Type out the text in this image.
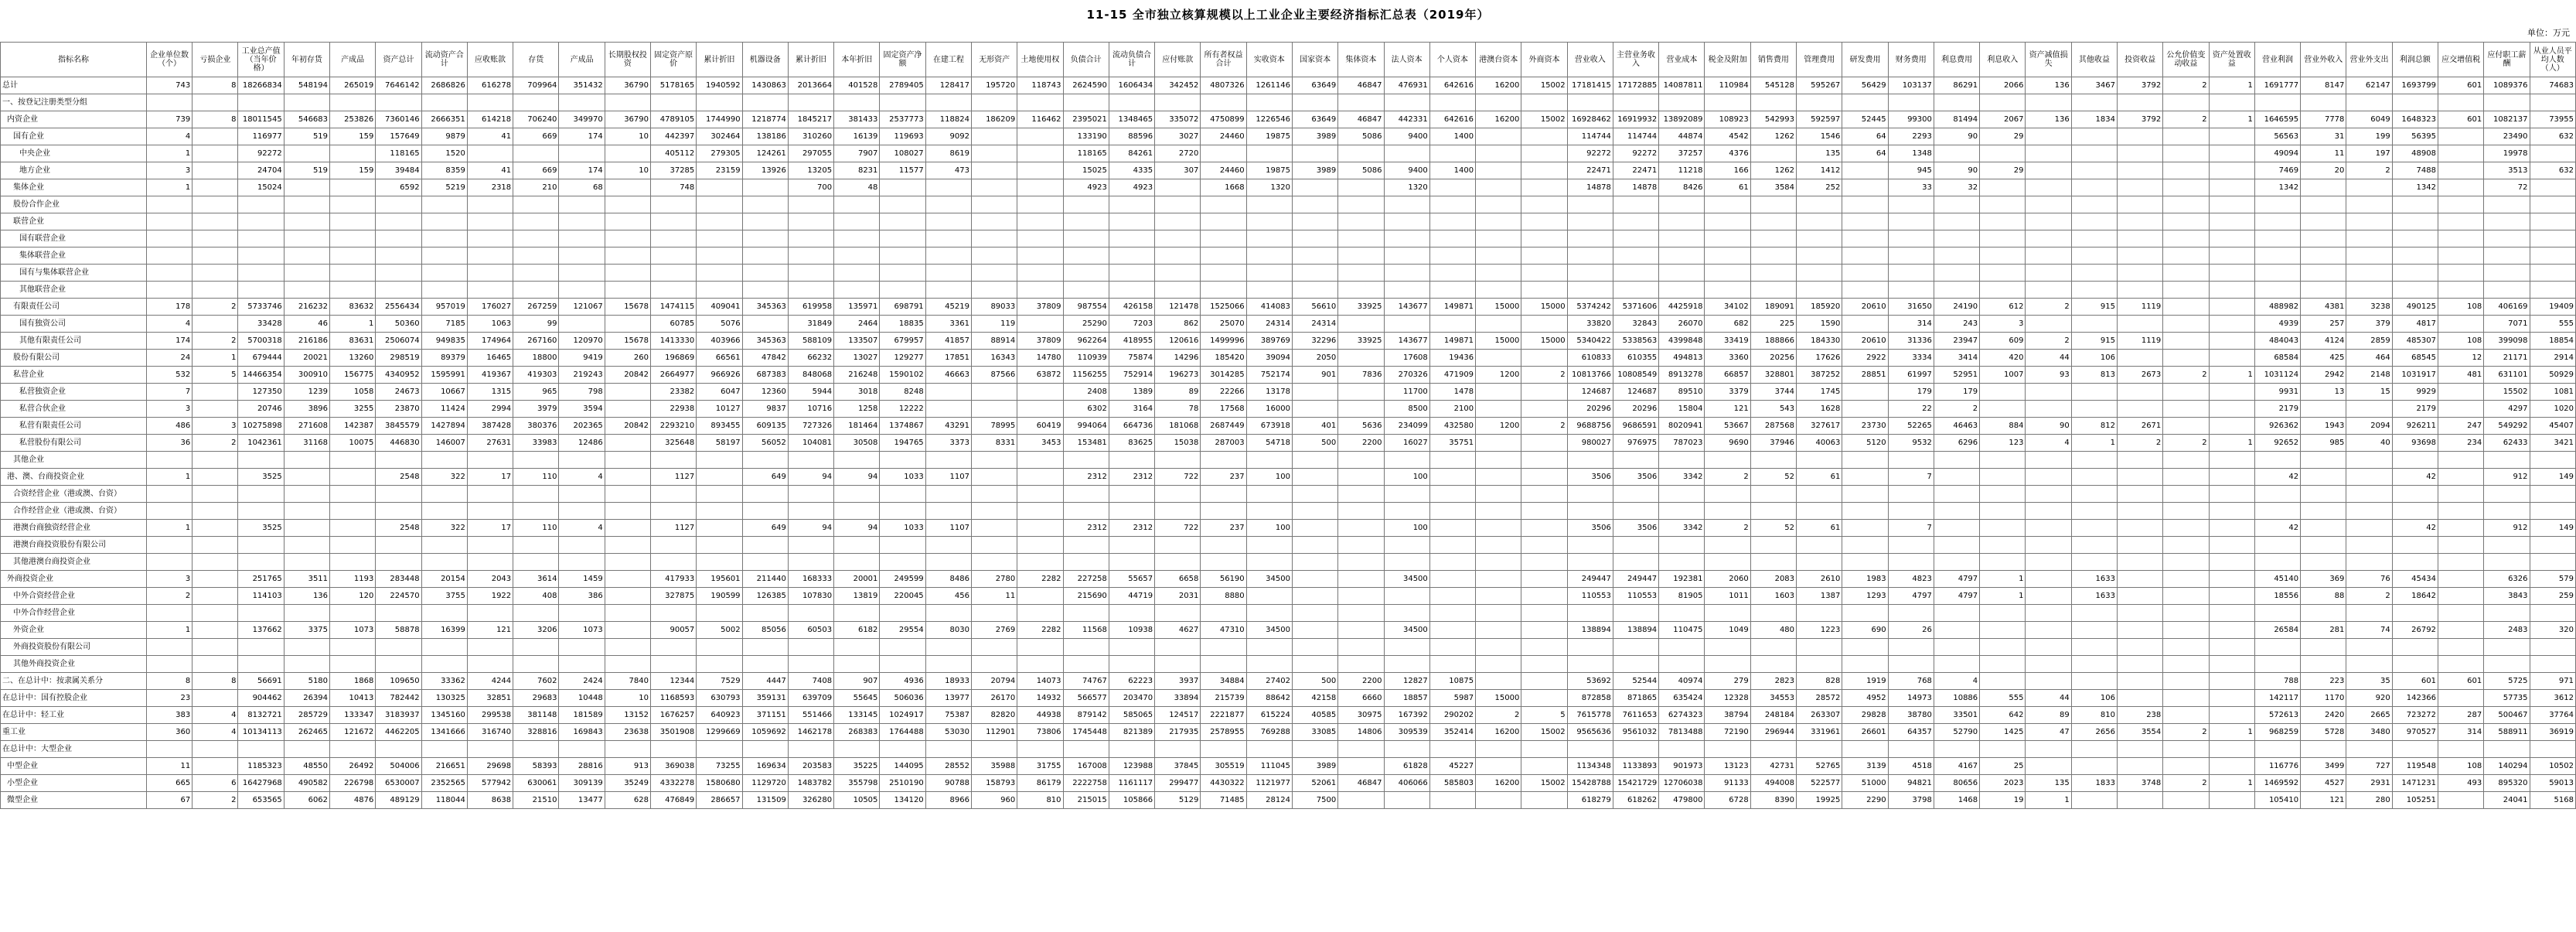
11-15 全市独立核算规模以上工业企业主要经济指标汇总表（2019年）
单位：万元
指标名称	企业单位数（个）	亏损企业	工业总产值（当年价格）	年初存货	产成品	资产总计	流动资产合计	应收账款	存货	产成品	长期股权投资	固定资产原价	累计折旧	机器设备	累计折旧	本年折旧	固定资产净额	在建工程	无形资产	土地使用权	负债合计	流动负债合计	应付账款	所有者权益合计	实收资本	国家资本	集体资本	法人资本	个人资本	港澳台资本	外商资本	营业收入	主营业务收入	营业成本	税金及附加	销售费用	管理费用	研发费用	财务费用	利息费用	利息收入	资产减值损失	其他收益	投资收益	公允价值变动收益	资产处置收益	营业利润	营业外收入	营业外支出	利润总额	应交增值税	应付职工薪酬	从业人员平均人数（人）
总计	743	8	18266834	548194	265019	7646142	2686826	616278	709964	351432	36790	5178165	1940592	1430863	2013664	401528	2789405	128417	195720	118743	2624590	1606434	342452	4807326	1261146	63649	46847	476931	642616	16200	15002	17181415	17172885	14087811	110984	545128	595267	56429	103137	86291	2066	136	3467	3792	2	1	1691777	8147	62147	1693799	601	1089376	74683
一、按登记注册类型分组																																																					
内资企业	739	8	18011545	546683	253826	7360146	2666351	614218	706240	349970	36790	4789105	1744990	1218774	1845217	381433	2537773	118824	186209	116462	2395021	1348465	335072	4750899	1226546	63649	46847	442331	642616	16200	15002	16928462	16919932	13892089	108923	542993	592597	52445	99300	81494	2067	136	1834	3792	2	1	1646595	7778	6049	1648323	601	1082137	73955
国有企业	4		116977	519	159	157649	9879	41	669	174	10	442397	302464	138186	310260	16139	119693	9092			133190	88596	3027	24460	19875	3989	5086	9400	1400			114744	114744	44874	4542	1262	1546	64	2293	90	29						56563	31	199	56395		23490	632
中央企业	1		92272			118165	1520					405112	279305	124261	297055	7907	108027	8619			118165	84261	2720									92272	92272	37257	4376		135	64	1348								49094	11	197	48908		19978	
地方企业	3		24704	519	159	39484	8359	41	669	174	10	37285	23159	13926	13205	8231	11577	473			15025	4335	307	24460	19875	3989	5086	9400	1400			22471	22471	11218	166	1262	1412		945	90	29						7469	20	2	7488		3513	632
集体企业	1		15024			6592	5219	2318	210	68		748			700	48					4923	4923		1668	1320			1320				14878	14878	8426	61	3584	252		33	32							1342			1342		72	
股份合作企业																																																					
联营企业																																																					
国有联营企业																																																					
集体联营企业																																																					
国有与集体联营企业																																																					
其他联营企业																																																					
有限责任公司	178	2	5733746	216232	83632	2556434	957019	176027	267259	121067	15678	1474115	409041	345363	619958	135971	698791	45219	89033	37809	987554	426158	121478	1525066	414083	56610	33925	143677	149871	15000	15000	5374242	5371606	4425918	34102	189091	185920	20610	31650	24190	612	2	915	1119			488982	4381	3238	490125	108	406169	19409
国有独资公司	4		33428	46	1	50360	7185	1063	99			60785	5076		31849	2464	18835	3361	119		25290	7203	862	25070	24314	24314						33820	32843	26070	682	225	1590		314	243	3						4939	257	379	4817		7071	555
其他有限责任公司	174	2	5700318	216186	83631	2506074	949835	174964	267160	120970	15678	1413330	403966	345363	588109	133507	679957	41857	88914	37809	962264	418955	120616	1499996	389769	32296	33925	143677	149871	15000	15000	5340422	5338563	4399848	33419	188866	184330	20610	31336	23947	609	2	915	1119			484043	4124	2859	485307	108	399098	18854
股份有限公司	24	1	679444	20021	13260	298519	89379	16465	18800	9419	260	196869	66561	47842	66232	13027	129277	17851	16343	14780	110939	75874	14296	185420	39094	2050		17608	19436			610833	610355	494813	3360	20256	17626	2922	3334	3414	420	44	106				68584	425	464	68545	12	21171	2914
私营企业	532	5	14466354	300910	156775	4340952	1595991	419367	419303	219243	20842	2664977	966926	687383	848068	216248	1590102	46663	87566	63872	1156255	752914	196273	3014285	752174	901	7836	270326	471909	1200	2	10813766	10808549	8913278	66857	328801	387252	28851	61997	52951	1007	93	813	2673	2	1	1031124	2942	2148	1031917	481	631101	50929
私营独资企业	7		127350	1239	1058	24673	10667	1315	965	798		23382	6047	12360	5944	3018	8248				2408	1389	89	22266	13178			11700	1478			124687	124687	89510	3379	3744	1745		179	179							9931	13	15	9929		15502	1081
私营合伙企业	3		20746	3896	3255	23870	11424	2994	3979	3594		22938	10127	9837	10716	1258	12222				6302	3164	78	17568	16000			8500	2100			20296	20296	15804	121	543	1628		22	2							2179			2179		4297	1020
私营有限责任公司	486	3	10275898	271608	142387	3845579	1427894	387428	380376	202365	20842	2293210	893455	609135	727326	181464	1374867	43291	78995	60419	994064	664736	181068	2687449	673918	401	5636	234099	432580	1200	2	9688756	9686591	8020941	53667	287568	327617	23730	52265	46463	884	90	812	2671			926362	1943	2094	926211	247	549292	45407
私营股份有限公司	36	2	1042361	31168	10075	446830	146007	27631	33983	12486		325648	58197	56052	104081	30508	194765	3373	8331	3453	153481	83625	15038	287003	54718	500	2200	16027	35751			980027	976975	787023	9690	37946	40063	5120	9532	6296	123	4	1	2	2	1	92652	985	40	93698	234	62433	3421
其他企业																																																					
港、澳、台商投资企业	1		3525			2548	322	17	110	4		1127		649	94	94	1033	1107			2312	2312	722	237	100			100				3506	3506	3342	2	52	61		7								42			42		912	149
合资经营企业（港或澳、台资）																																																					
合作经营企业（港或澳、台资）																																																					
港澳台商独资经营企业	1		3525			2548	322	17	110	4		1127		649	94	94	1033	1107			2312	2312	722	237	100			100				3506	3506	3342	2	52	61		7								42			42		912	149
港澳台商投资股份有限公司																																																					
其他港澳台商投资企业																																																					
外商投资企业	3		251765	3511	1193	283448	20154	2043	3614	1459		417933	195601	211440	168333	20001	249599	8486	2780	2282	227258	55657	6658	56190	34500			34500				249447	249447	192381	2060	2083	2610	1983	4823	4797	1		1633				45140	369	76	45434		6326	579
中外合资经营企业	2		114103	136	120	224570	3755	1922	408	386		327875	190599	126385	107830	13819	220045	456	11		215690	44719	2031	8880								110553	110553	81905	1011	1603	1387	1293	4797	4797	1		1633				18556	88	2	18642		3843	259
中外合作经营企业																																																					
外资企业	1		137662	3375	1073	58878	16399	121	3206	1073		90057	5002	85056	60503	6182	29554	8030	2769	2282	11568	10938	4627	47310	34500			34500				138894	138894	110475	1049	480	1223	690	26								26584	281	74	26792		2483	320
外商投资股份有限公司																																																					
其他外商投资企业																																																					
二、在总计中：按隶属关系分	8	8	56691	5180	1868	109650	33362	4244	7602	2424	7840	12344	7529	4447	7408	907	4936	18933	20794	14073	74767	62223	3937	34884	27402	500	2200	12827	10875			53692	52544	40974	279	2823	828	1919	768	4							788	223	35	601	601	5725	971
在总计中：国有控股企业	23		904462	26394	10413	782442	130325	32851	29683	10448	10	1168593	630793	359131	639709	55645	506036	13977	26170	14932	566577	203470	33894	215739	88642	42158	6660	18857	5987	15000		872858	871865	635424	12328	34553	28572	4952	14973	10886	555	44	106				142117	1170	920	142366		57735	3612
在总计中：轻工业	383	4	8132721	285729	133347	3183937	1345160	299538	381148	181589	13152	1676257	640923	371151	551466	133145	1024917	75387	82820	44938	879142	585065	124517	2221877	615224	40585	30975	167392	290202	2	5	7615778	7611653	6274323	38794	248184	263307	29828	38780	33501	642	89	810	238			572613	2420	2665	723272	287	500467	37764
重工业	360	4	10134113	262465	121672	4462205	1341666	316740	328816	169843	23638	3501908	1299669	1059692	1462178	268383	1764488	53030	112901	73806	1745448	821389	217935	2578955	769288	33085	14806	309539	352414	16200	15002	9565636	9561032	7813488	72190	296944	331961	26601	64357	52790	1425	47	2656	3554	2	1	968259	5728	3480	970527	314	588911	36919
在总计中：大型企业																																																					
中型企业	11		1185323	48550	26492	504006	216651	29698	58393	28816	913	369038	73255	169634	203583	35225	144095	28552	35988	31755	167008	123988	37845	305519	111045	3989		61828	45227			1134348	1133893	901973	13123	42731	52765	3139	4518	4167	25						116776	3499	727	119548	108	140294	10502
小型企业	665	6	16427968	490582	226798	6530007	2352565	577942	630061	309139	35249	4332278	1580680	1129720	1483782	355798	2510190	90788	158793	86179	2222758	1161117	299477	4430322	1121977	52061	46847	406066	585803	16200	15002	15428788	15421729	12706038	91133	494008	522577	51000	94821	80656	2023	135	1833	3748	2	1	1469592	4527	2931	1471231	493	895320	59013
微型企业	67	2	653565	6062	4876	489129	118044	8638	21510	13477	628	476849	286657	131509	326280	10505	134120	8966	960	810	215015	105866	5129	71485	28124	7500						618279	618262	479800	6728	8390	19925	2290	3798	1468	19	1					105410	121	280	105251		24041	5168
